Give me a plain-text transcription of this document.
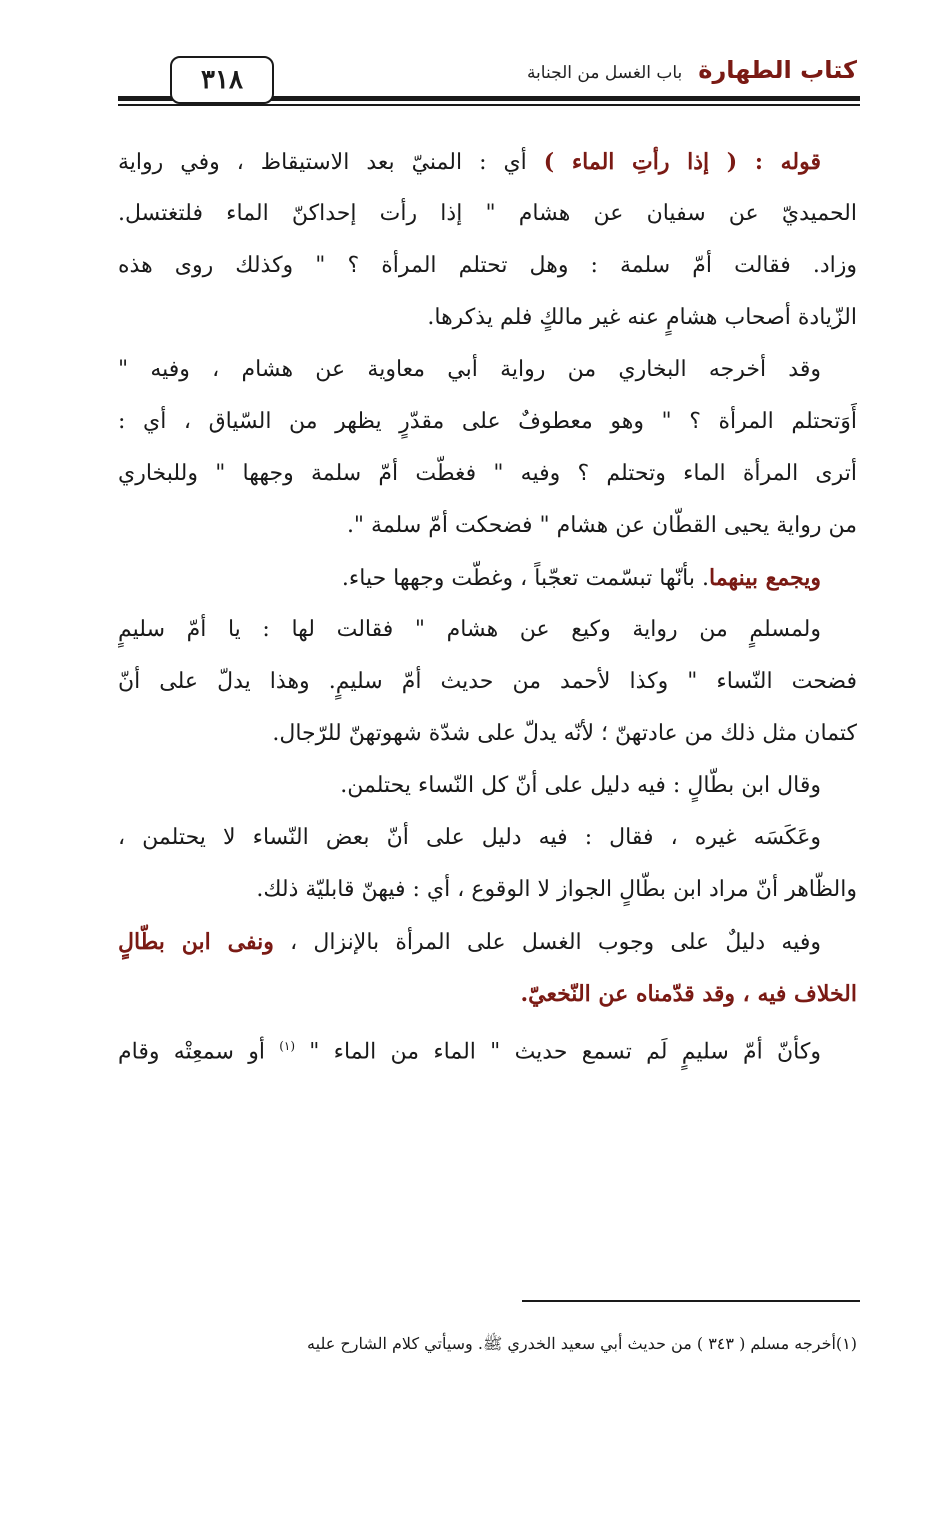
٣١٨	كتاب الطهارة
باب الغسل من الجنابة
قوله : ( إذا رأتِ الماء ) أي : المنيّ بعد الاستيقاظ ، وفي رواية
الحميديّ عن سفيان عن هشام " إذا رأت إحداكنّ الماء فلتغتسل.
وزاد. فقالت أمّ سلمة : وهل تحتلم المرأة ؟ " وكذلك روى هذه
الزّيادة أصحاب هشامٍ عنه غير مالكٍ فلم يذكرها.
وقد أخرجه البخاري من رواية أبي معاوية عن هشام ، وفيه "
أَوَتحتلم المرأة ؟ " وهو معطوفٌ على مقدّرٍ يظهر من السّياق ، أي :
أترى المرأة الماء وتحتلم ؟ وفيه " فغطّت أمّ سلمة وجهها " وللبخاري
من رواية يحيى القطّان عن هشام " فضحكت أمّ سلمة ".
ويجمع بينهما. بأنّها تبسّمت تعجّباً ، وغطّت وجهها حياء.
ولمسلمٍ من رواية وكيع عن هشام " فقالت لها : يا أمّ سليمٍ
فضحت النّساء " وكذا لأحمد من حديث أمّ سليمٍ. وهذا يدلّ على أنّ
كتمان مثل ذلك من عادتهنّ ؛ لأنّه يدلّ على شدّة شهوتهنّ للرّجال.
وقال ابن بطّالٍ : فيه دليل على أنّ كل النّساء يحتلمن.
وعَكَسَه غيره ، فقال : فيه دليل على أنّ بعض النّساء لا يحتلمن ،
والظّاهر أنّ مراد ابن بطّالٍ الجواز لا الوقوع ، أي : فيهنّ قابليّة ذلك.
وفيه دليلٌ على وجوب الغسل على المرأة بالإنزال ، ونفى ابن بطّالٍ
الخلاف فيه ، وقد قدّمناه عن النّخعيّ.
وكأنّ أمّ سليمٍ لَم تسمع حديث " الماء من الماء " $^{(١)}$ أو سمعِتْه وقام
(١)أخرجه مسلم ( ٣٤٣ ) من حديث أبي سعيد الخدري ﷺ. وسيأتي كلام الشارح عليه
